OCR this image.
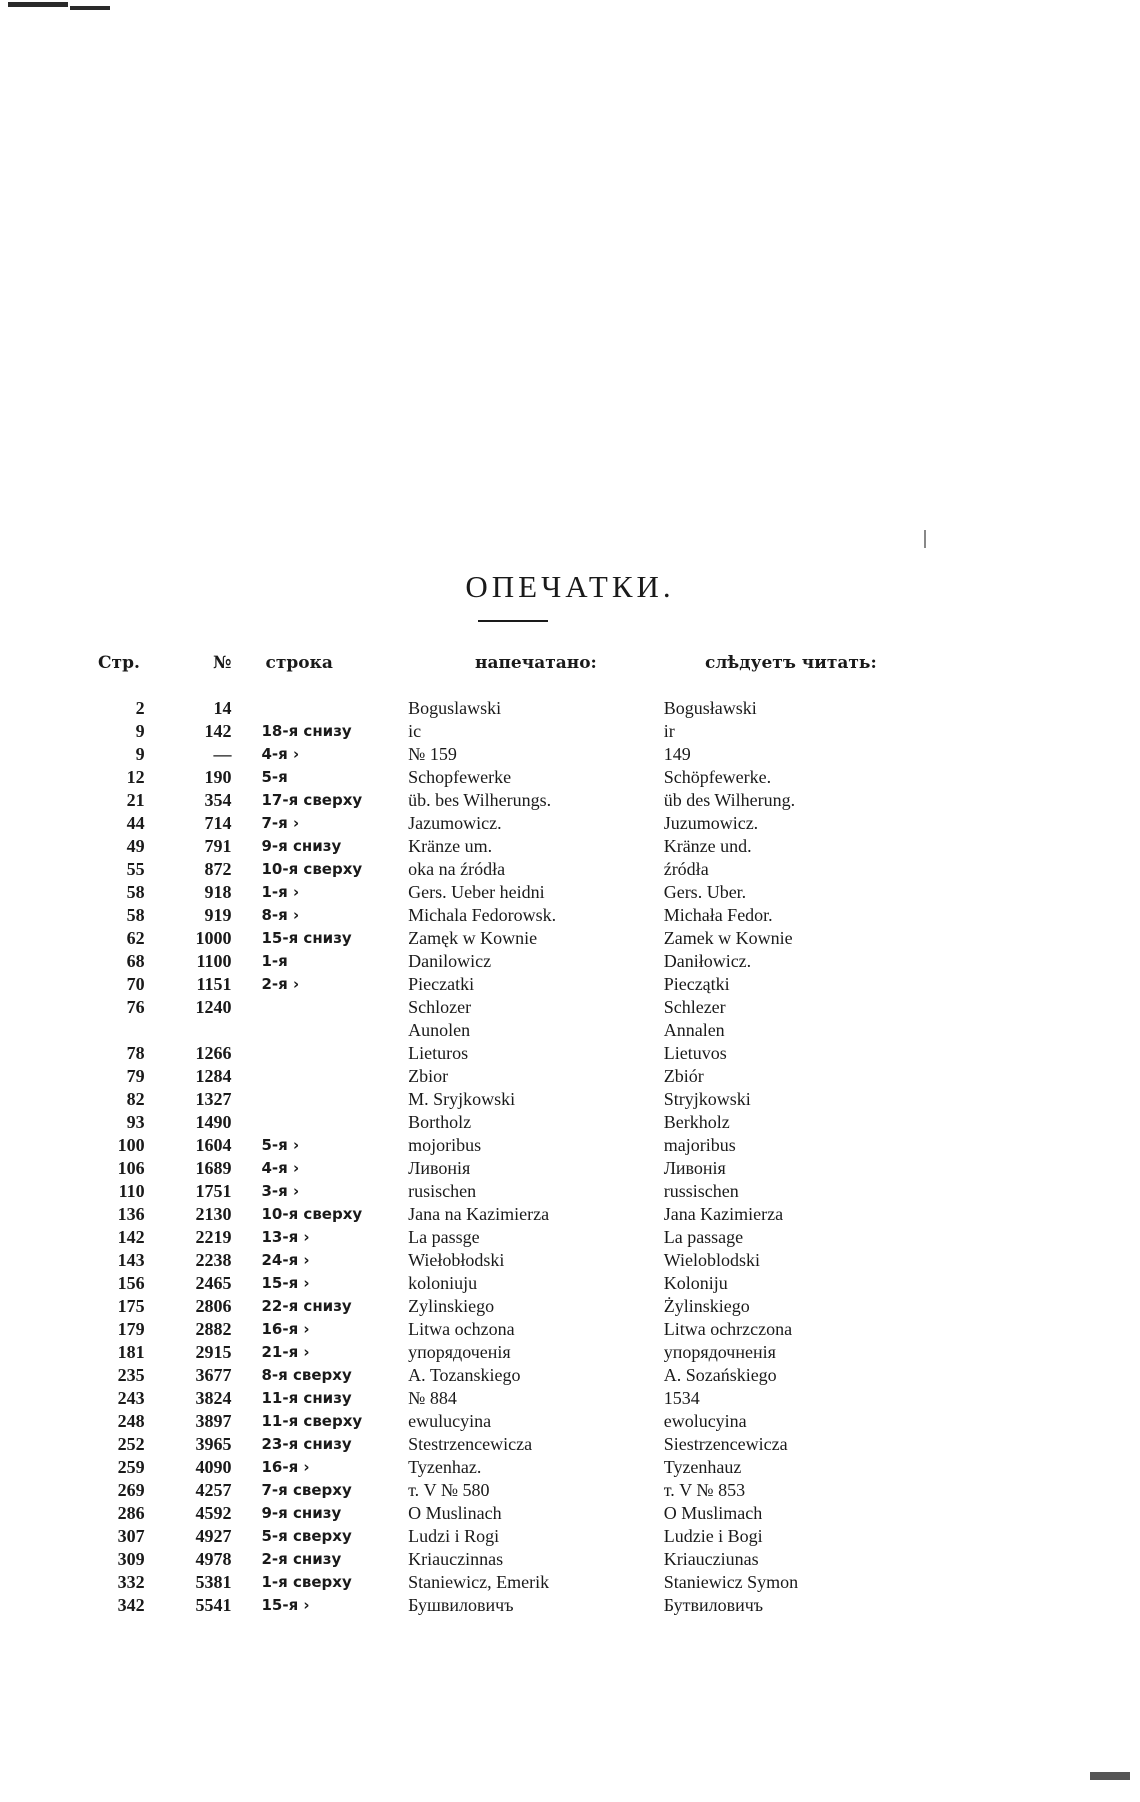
ОПЕЧАТКИ.
Стр.	№	строка	напечатано:	слѣдуетъ читать:
2	14		Boguslawski	Bogusławski
9	142	18-я снизу	ic	ir
9	—	4-я ›	№ 159	149
12	190	5-я	Schopfewerke	Schöpfewerke.
21	354	17-я сверху	üb. bes Wilherungs.	üb des Wilherung.
44	714	7-я ›	Jazumowicz.	Juzumowicz.
49	791	9-я снизу	Kränze um.	Kränze und.
55	872	10-я сверху	oka na źródła	źródła
58	918	1-я ›	Gers. Ueber heidni	Gers. Uber.
58	919	8-я ›	Michala Fedorowsk.	Michała Fedor.
62	1000	15-я снизу	Zamęk w Kownie	Zamek w Kownie
68	1100	1-я	Danilowicz	Daniłowicz.
70	1151	2-я ›	Pieczatki	Pieczątki
76	1240		Schlozer	Schlezer
			Aunolen	Annalen
78	1266		Lieturos	Lietuvos
79	1284		Zbior	Zbiór
82	1327		M. Sryjkowski	Stryjkowski
93	1490		Bortholz	Berkholz
100	1604	5-я ›	mojoribus	majoribus
106	1689	4-я ›	Ливонія	Ливонія
110	1751	3-я ›	rusischen	russischen
136	2130	10-я сверху	Jana na Kazimierza	Jana Kazimierza
142	2219	13-я ›	La passge	La passage
143	2238	24-я ›	Wiełobłodski	Wieloblodski
156	2465	15-я ›	koloniuju	Koloniju
175	2806	22-я снизу	Zylinskiego	Żylinskiego
179	2882	16-я ›	Litwa ochzona	Litwa ochrzczona
181	2915	21-я ›	упорядоченія	упорядочненія
235	3677	8-я сверху	A. Tozanskiego	A. Sozańskiego
243	3824	11-я снизу	№ 884	1534
248	3897	11-я сверху	ewulucyina	ewolucyina
252	3965	23-я снизу	Stestrzencewicza	Siestrzencewicza
259	4090	16-я ›	Tyzenhaz.	Tyzenhauz
269	4257	7-я сверху	т. V № 580	т. V № 853
286	4592	9-я снизу	O Muslinach	O Muslimach
307	4927	5-я сверху	Ludzi i Rogi	Ludzie i Bogi
309	4978	2-я снизу	Kriauczinnas	Kriaucziunas
332	5381	1-я сверху	Staniewicz, Emerik	Staniewicz Symon
342	5541	15-я ›	Бушвиловичъ	Бутвиловичъ
